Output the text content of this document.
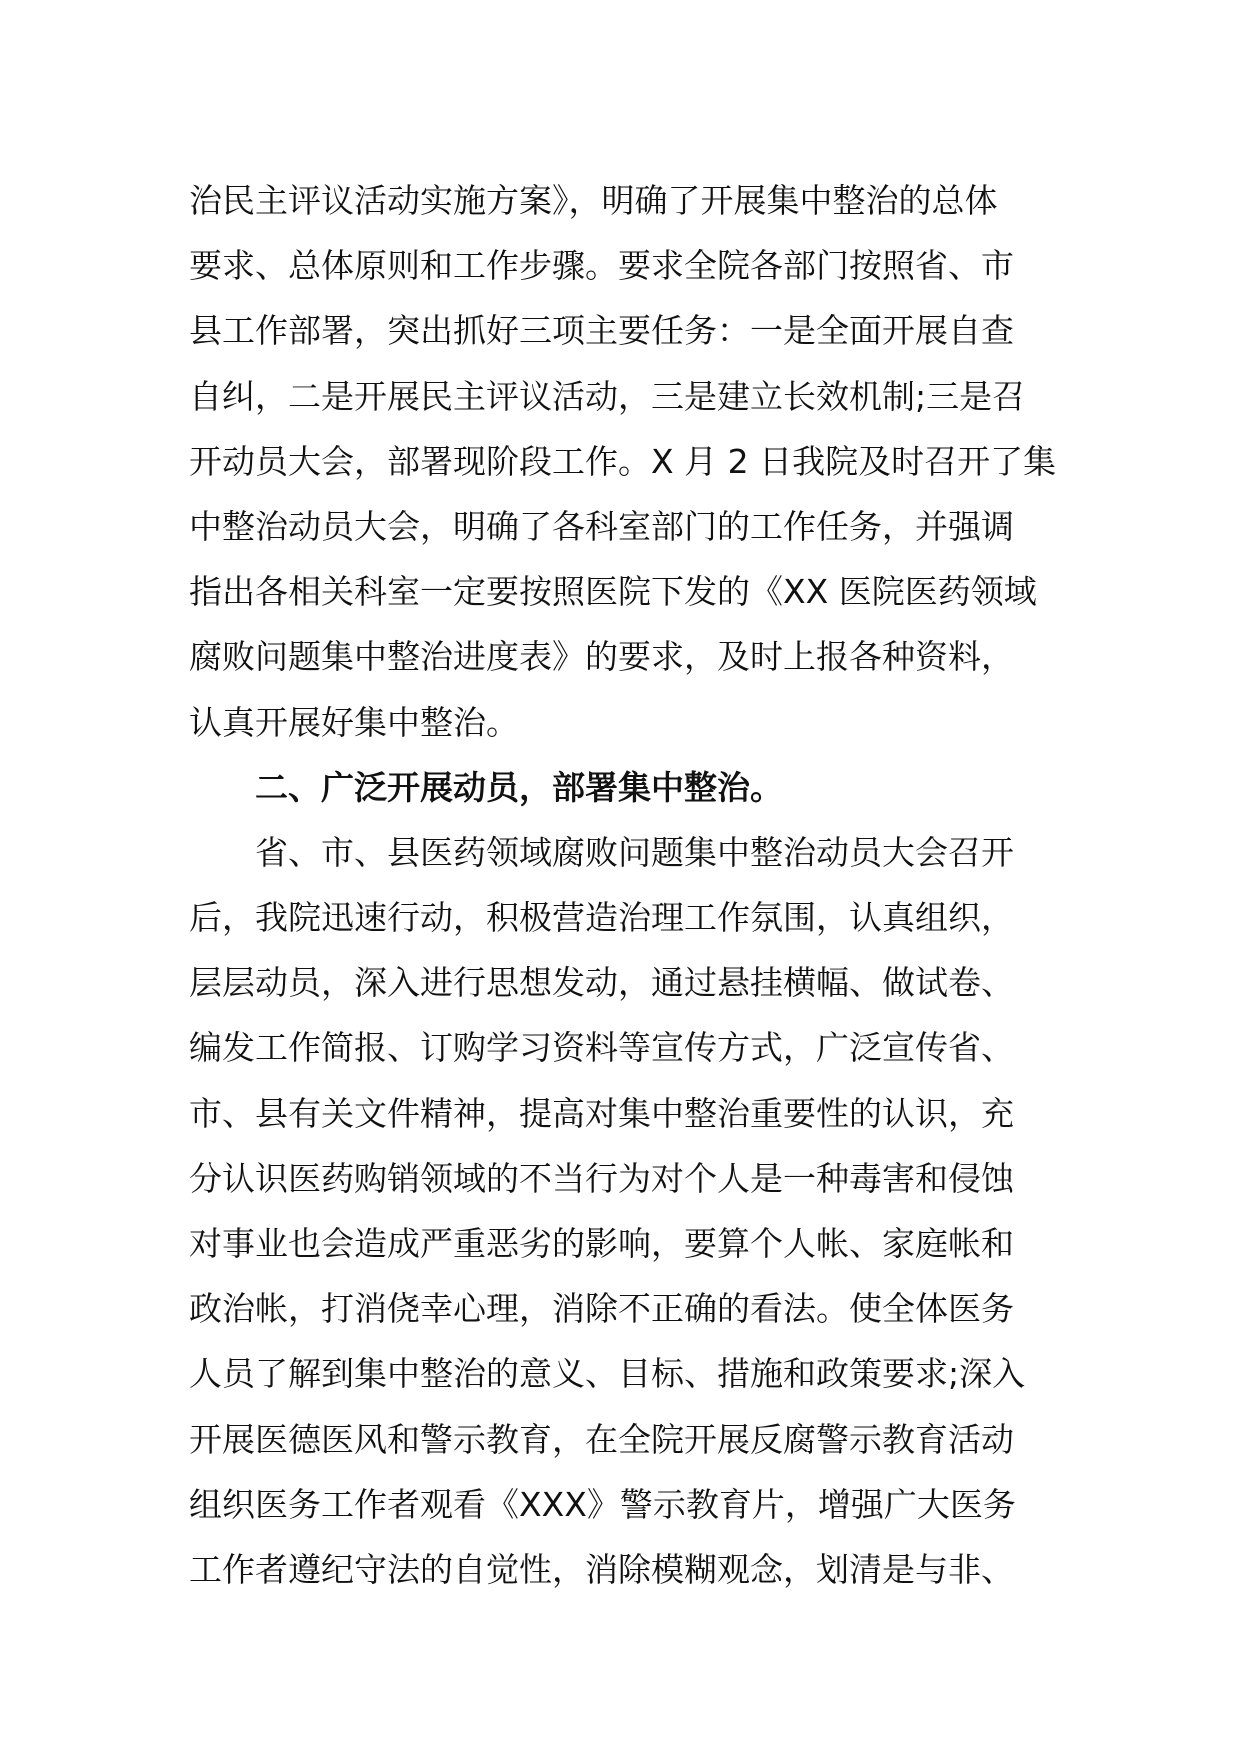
治民主评议活动实施方案》，明确了开展集中整治的总体
要求、总体原则和工作步骤。要求全院各部门按照省、市
县工作部署，突出抓好三项主要任务：一是全面开展自查
自纠，二是开展民主评议活动，三是建立长效机制;三是召
开动员大会，部署现阶段工作。X 月 2 日我院及时召开了集
中整治动员大会，明确了各科室部门的工作任务，并强调
指出各相关科室一定要按照医院下发的《XX 医院医药领域
腐败问题集中整治进度表》的要求，及时上报各种资料，
认真开展好集中整治。
二、广泛开展动员，部署集中整治。
省、市、县医药领域腐败问题集中整治动员大会召开
后，我院迅速行动，积极营造治理工作氛围，认真组织，
层层动员，深入进行思想发动，通过悬挂横幅、做试卷、
编发工作简报、订购学习资料等宣传方式，广泛宣传省、
市、县有关文件精神，提高对集中整治重要性的认识，充
分认识医药购销领域的不当行为对个人是一种毒害和侵蚀
对事业也会造成严重恶劣的影响，要算个人帐、家庭帐和
政治帐，打消侥幸心理，消除不正确的看法。使全体医务
人员了解到集中整治的意义、目标、措施和政策要求;深入
开展医德医风和警示教育，在全院开展反腐警示教育活动
组织医务工作者观看《XXX》警示教育片，增强广大医务
工作者遵纪守法的自觉性，消除模糊观念，划清是与非、
